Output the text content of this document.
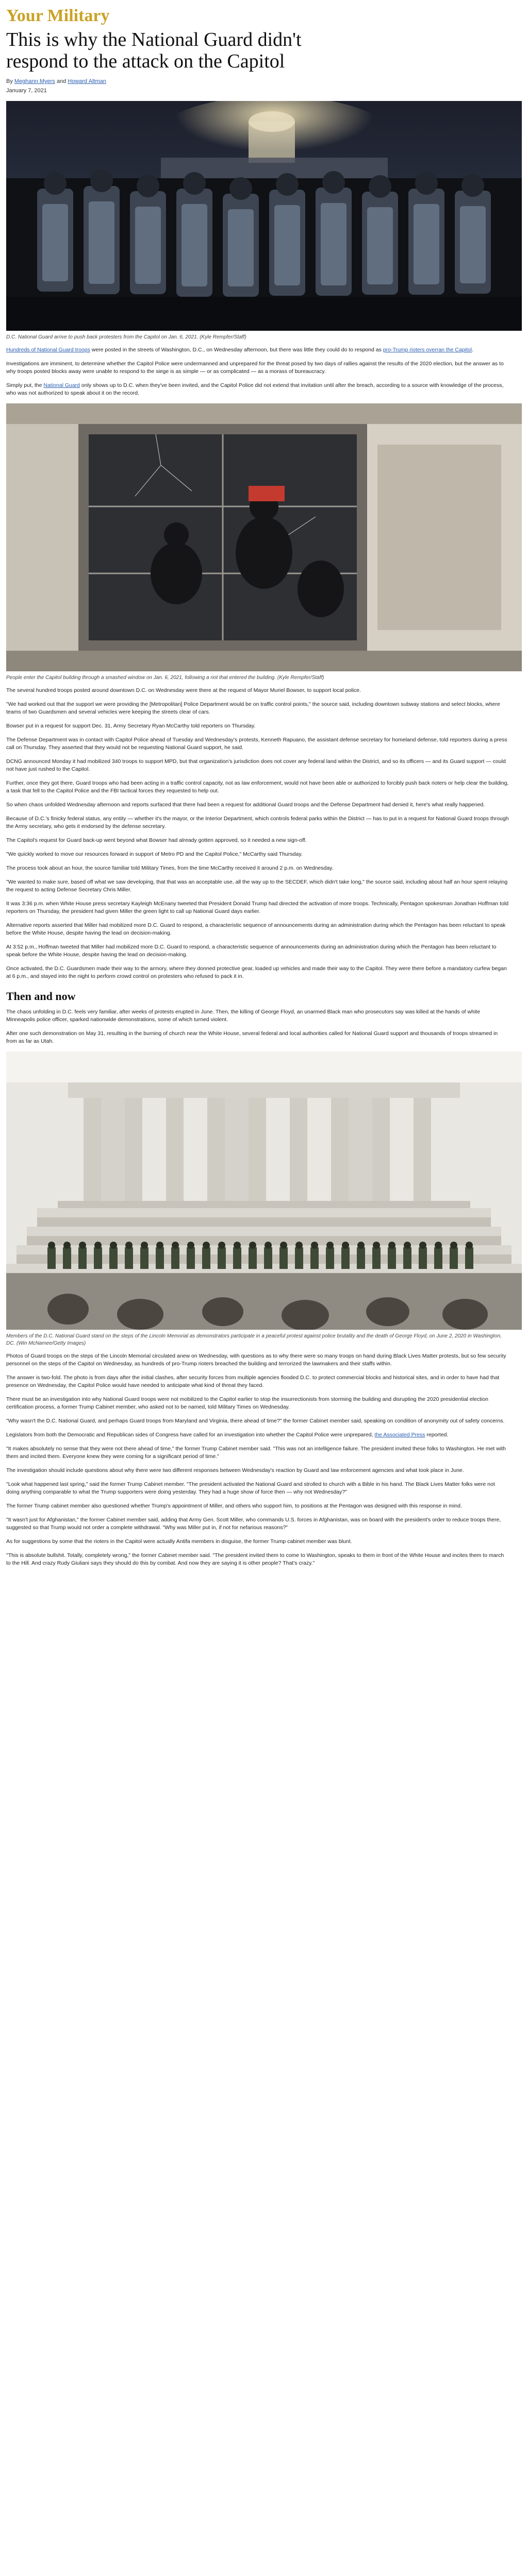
Your Military
This is why the National Guard didn't respond to the attack on the Capitol
By Meghann Myers and Howard Altman
January 7, 2021
D.C. National Guard arrive to push back protesters from the Capitol on Jan. 6, 2021. (Kyle Rempfer/Staff)

Hundreds of National Guard troops were posted in the streets of Washington, D.C., on Wednesday afternoon, but there was little they could do to respond as pro-Trump rioters overran the Capitol.

Investigations are imminent, to determine whether the Capitol Police were undermanned and unprepared for the threat posed by two days of rallies against the results of the 2020 election, but the answer as to why troops posted blocks away were unable to respond to the siege is as simple — or as complicated — as a morass of bureaucracy.

Simply put, the National Guard only shows up to D.C. when they've been invited, and the Capitol Police did not extend that invitation until after the breach, according to a source with knowledge of the process, who was not authorized to speak about it on the record.

People enter the Capitol building through a smashed window on Jan. 6, 2021, following a riot that entered the building. (Kyle Rempfer/Staff)

The several hundred troops posted around downtown D.C. on Wednesday were there at the request of Mayor Muriel Bowser, to support local police.

"We had worked out that the support we were providing the [Metropolitan] Police Department would be on traffic control points," the source said, including downtown subway stations and select blocks, where teams of two Guardsmen and several vehicles were keeping the streets clear of cars.

Bowser put in a request for support Dec. 31, Army Secretary Ryan McCarthy told reporters on Thursday.

The Defense Department was in contact with Capitol Police ahead of Tuesday and Wednesday's protests, Kenneth Rapuano, the assistant defense secretary for homeland defense, told reporters during a press call on Thursday. They asserted that they would not be requesting National Guard support, he said.

DCNG announced Monday it had mobilized 340 troops to support MPD, but that organization's jurisdiction does not cover any federal land within the District, and so its officers — and its Guard support — could not have just rushed to the Capitol.

Further, once they got there, Guard troops who had been acting in a traffic control capacity, not as law enforcement, would not have been able or authorized to forcibly push back rioters or help clear the building, a task that fell to the Capitol Police and the FBI tactical forces they requested to help out.

So when chaos unfolded Wednesday afternoon and reports surfaced that there had been a request for additional Guard troops and the Defense Department had denied it, here's what really happened.

Because of D.C.'s finicky federal status, any entity — whether it's the mayor, or the Interior Department, which controls federal parks within the District — has to put in a request for National Guard troops through the Army secretary, who gets it endorsed by the defense secretary.

The Capitol's request for Guard back-up went beyond what Bowser had already gotten approved, so it needed a new sign-off.

"We quickly worked to move our resources forward in support of Metro PD and the Capitol Police," McCarthy said Thursday.

The process took about an hour, the source familiar told Military Times, from the time McCarthy received it around 2 p.m. on Wednesday.

"We wanted to make sure, based off what we saw developing, that that was an acceptable use, all the way up to the SECDEF, which didn't take long," the source said, including about half an hour spent relaying the request to acting Defense Secretary Chris Miller.

It was 3:36 p.m. when White House press secretary Kayleigh McEnany tweeted that President Donald Trump had directed the activation of more troops. Technically, Pentagon spokesman Jonathan Hoffman told reporters on Thursday, the president had given Miller the green light to call up National Guard days earlier.

Alternative reports asserted that Miller had mobilized more D.C. Guard to respond, a characteristic sequence of announcements during an administration during which the Pentagon has been reluctant to speak before the White House, despite having the lead on decision-making.

At 3:52 p.m., Hoffman tweeted that Miller had mobilized more D.C. Guard to respond, a characteristic sequence of announcements during an administration during which the Pentagon has been reluctant to speak before the White House, despite having the lead on decision-making.

Once activated, the D.C. Guardsmen made their way to the armory, where they donned protective gear, loaded up vehicles and made their way to the Capitol. They were there before a mandatory curfew began at 6 p.m., and stayed into the night to perform crowd control on protesters who refused to pack it in.

Then and now

The chaos unfolding in D.C. feels very familiar, after weeks of protests erupted in June. Then, the killing of George Floyd, an unarmed Black man who prosecutors say was killed at the hands of white Minneapolis police officer, sparked nationwide demonstrations, some of which turned violent.

After one such demonstration on May 31, resulting in the burning of church near the White House, several federal and local authorities called for National Guard support and thousands of troops streamed in from as far as Utah.

Members of the D.C. National Guard stand on the steps of the Lincoln Memorial as demonstrators participate in a peaceful protest against police brutality and the death of George Floyd, on June 2, 2020 in Washington, DC. (Win McNamee/Getty Images)

Photos of Guard troops on the steps of the Lincoln Memorial circulated anew on Wednesday, with questions as to why there were so many troops on hand during Black Lives Matter protests, but so few security personnel on the steps of the Capitol on Wednesday, as hundreds of pro-Trump rioters breached the building and terrorized the lawmakers and their staffs within.

The answer is two-fold. The photo is from days after the initial clashes, after security forces from multiple agencies flooded D.C. to protect commercial blocks and historical sites, and in order to have had that presence on Wednesday, the Capitol Police would have needed to anticipate what kind of threat they faced.

There must be an investigation into why National Guard troops were not mobilized to the Capitol earlier to stop the insurrectionists from storming the building and disrupting the 2020 presidential election certification process, a former Trump Cabinet member, who asked not to be named, told Military Times on Wednesday.

"Why wasn't the D.C. National Guard, and perhaps Guard troops from Maryland and Virginia, there ahead of time?" the former Cabinet member said, speaking on condition of anonymity out of safety concerns.

Legislators from both the Democratic and Republican sides of Congress have called for an investigation into whether the Capitol Police were unprepared, the Associated Press reported.

"It makes absolutely no sense that they were not there ahead of time," the former Trump Cabinet member said. "This was not an intelligence failure. The president invited these folks to Washington. He met with them and incited them. Everyone knew they were coming for a significant period of time."

The investigation should include questions about why there were two different responses between Wednesday's reaction by Guard and law enforcement agencies and what took place in June.

"Look what happened last spring," said the former Trump Cabinet member. "The president activated the National Guard and strolled to church with a Bible in his hand. The Black Lives Matter folks were not doing anything comparable to what the Trump supporters were doing yesterday. They had a huge show of force then — why not Wednesday?"

The former Trump cabinet member also questioned whether Trump's appointment of Miller, and others who support him, to positions at the Pentagon was designed with this response in mind.

"It wasn't just for Afghanistan," the former Cabinet member said, adding that Army Gen. Scott Miller, who commands U.S. forces in Afghanistan, was on board with the president's order to reduce troops there, suggested so that Trump would not order a complete withdrawal. "Why was Miller put in, if not for nefarious reasons?"

As for suggestions by some that the rioters in the Capitol were actually Antifa members in disguise, the former Trump cabinet member was blunt.

"This is absolute bullshit. Totally, completely wrong," the former Cabinet member said. "The president invited them to come to Washington, speaks to them in front of the White House and incites them to march to the Hill. And crazy Rudy Giuliani says they should do this by combat. And now they are saying it is other people? That's crazy."
